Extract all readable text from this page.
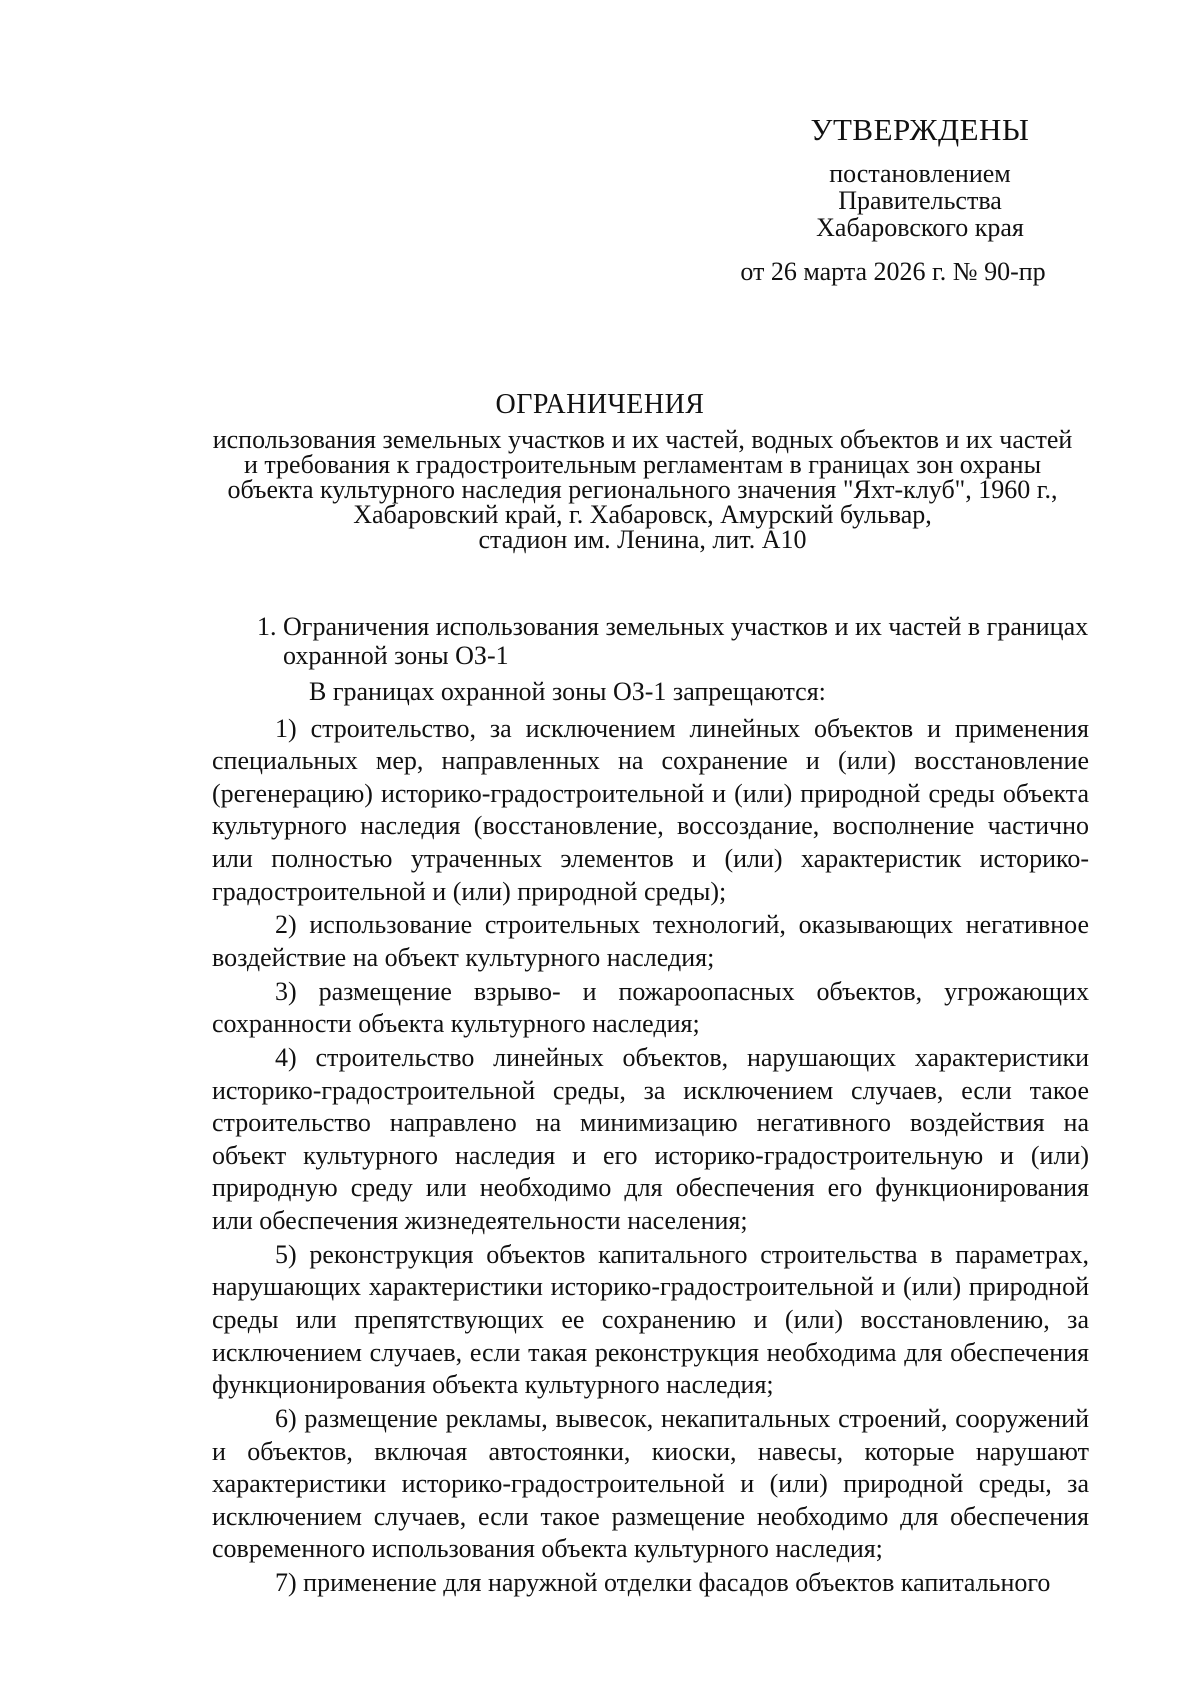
УТВЕРЖДЕНЫ
постановлением
Правительства
Хабаровского края
от 26 марта 2026 г. № 90-пр
ОГРАНИЧЕНИЯ
использования земельных участков и их частей, водных объектов и их частей
и требования к градостроительным регламентам в границах зон охраны
объекта культурного наследия регионального значения "Яхт-клуб", 1960 г.,
Хабаровский край, г. Хабаровск, Амурский бульвар,
стадион им. Ленина, лит. А10
1. Ограничения использования земельных участков и их частей в границах
охранной зоны ОЗ-1

В границах охранной зоны ОЗ-1 запрещаются:

1) строительство, за исключением линейных объектов и применения специальных мер, направленных на сохранение и (или) восстановление (регенерацию) историко-градостроительной и (или) природной среды объекта культурного наследия (восстановление, воссоздание, восполнение частично или полностью утраченных элементов и (или) характеристик историко-градостроительной и (или) природной среды);

2) использование строительных технологий, оказывающих негативное воздействие на объект культурного наследия;

3) размещение взрыво- и пожароопасных объектов, угрожающих сохранности объекта культурного наследия;

4) строительство линейных объектов, нарушающих характеристики историко-градостроительной среды, за исключением случаев, если такое строительство направлено на минимизацию негативного воздействия на объект культурного наследия и его историко-градостроительную и (или) природную среду или необходимо для обеспечения его функционирования или обеспечения жизнедеятельности населения;

5) реконструкция объектов капитального строительства в параметрах, нарушающих характеристики историко-градостроительной и (или) природной среды или препятствующих ее сохранению и (или) восстановлению, за исключением случаев, если такая реконструкция необходима для обеспечения функционирования объекта культурного наследия;

6) размещение рекламы, вывесок, некапитальных строений, сооружений и объектов, включая автостоянки, киоски, навесы, которые нарушают характеристики историко-градостроительной и (или) природной среды, за исключением случаев, если такое размещение необходимо для обеспечения современного использования объекта культурного наследия;

7) применение для наружной отделки фасадов объектов капитального
